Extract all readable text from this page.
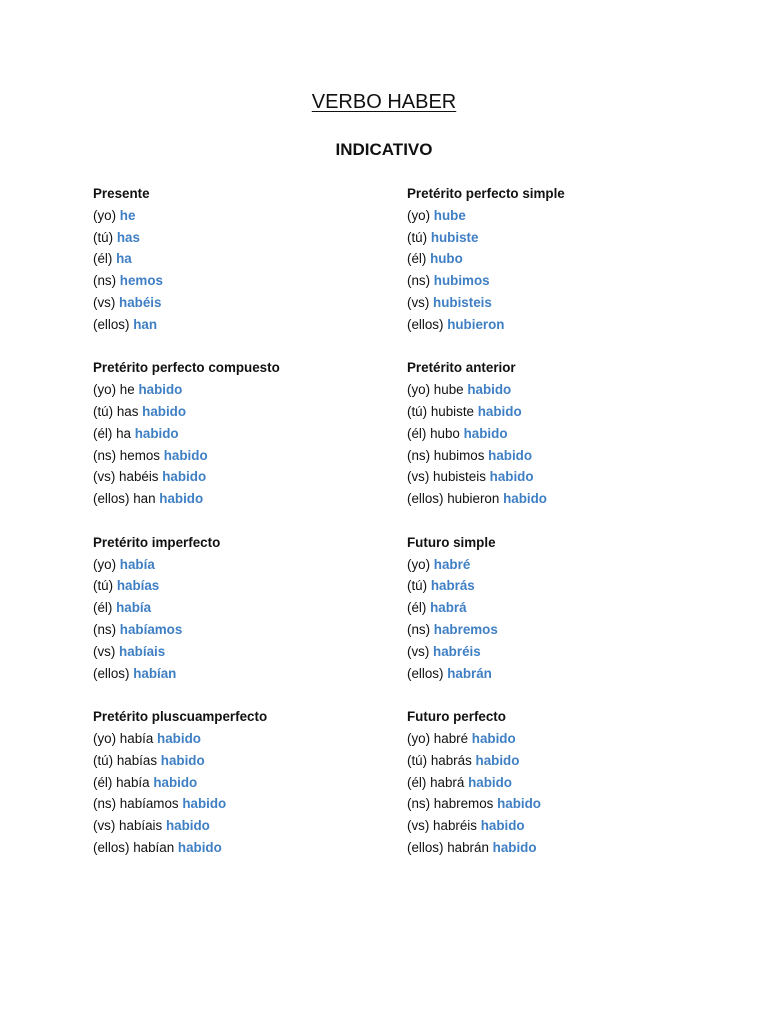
VERBO HABER
INDICATIVO
Presente
(yo) he
(tú) has
(él) ha
(ns) hemos
(vs) habéis
(ellos) han
Pretérito perfecto compuesto
(yo) he habido
(tú) has habido
(él) ha habido
(ns) hemos habido
(vs) habéis habido
(ellos) han habido
Pretérito imperfecto
(yo) había
(tú) habías
(él) había
(ns) habíamos
(vs) habíais
(ellos) habían
Pretérito pluscuamperfecto
(yo) había habido
(tú) habías habido
(él) había habido
(ns) habíamos habido
(vs) habíais habido
(ellos) habían habido
Pretérito perfecto simple
(yo) hube
(tú) hubiste
(él) hubo
(ns) hubimos
(vs) hubisteis
(ellos) hubieron
Pretérito anterior
(yo) hube habido
(tú) hubiste habido
(él) hubo habido
(ns) hubimos habido
(vs) hubisteis habido
(ellos) hubieron habido
Futuro simple
(yo) habré
(tú) habrás
(él) habrá
(ns) habremos
(vs) habréis
(ellos) habrán
Futuro perfecto
(yo) habré habido
(tú) habrás habido
(él) habrá habido
(ns) habremos habido
(vs) habréis habido
(ellos) habrán habido
